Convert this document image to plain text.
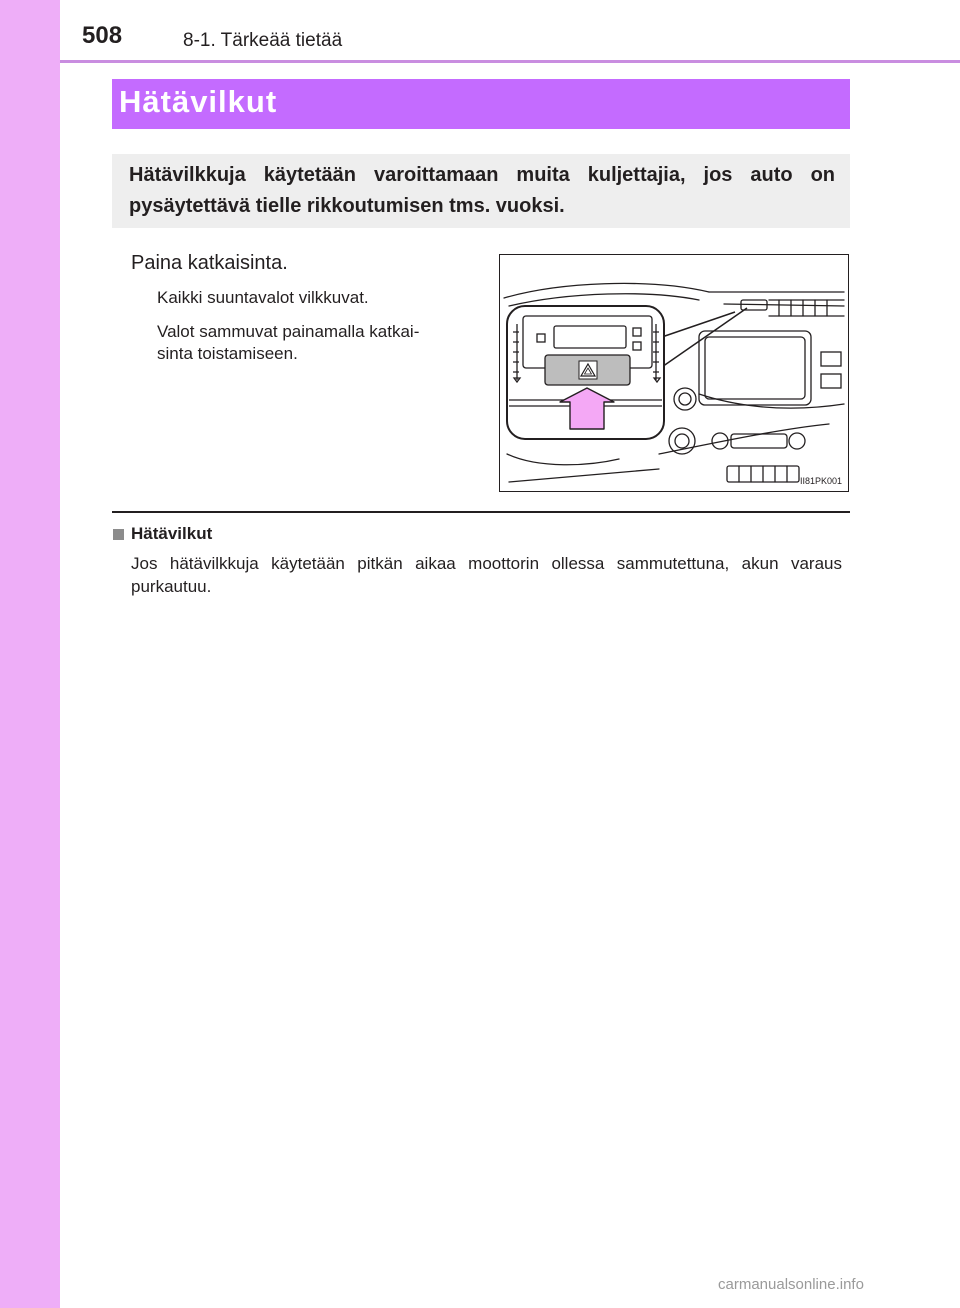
508	8-1. Tärkeää tietää
Hätävilkut
Hätävilkkuja käytetään varoittamaan muita kuljettajia, jos auto on pysäytettävä tielle rikkoutumisen tms. vuoksi.
Paina katkaisinta.
Kaikki suuntavalot vilkkuvat.
Valot sammuvat painamalla katkai-
sinta toistamiseen.
II81PK001
Hätävilkut
Jos hätävilkkuja käytetään pitkän aikaa moottorin ollessa sammutettuna, akun varaus purkautuu.
carmanualsonline.info
